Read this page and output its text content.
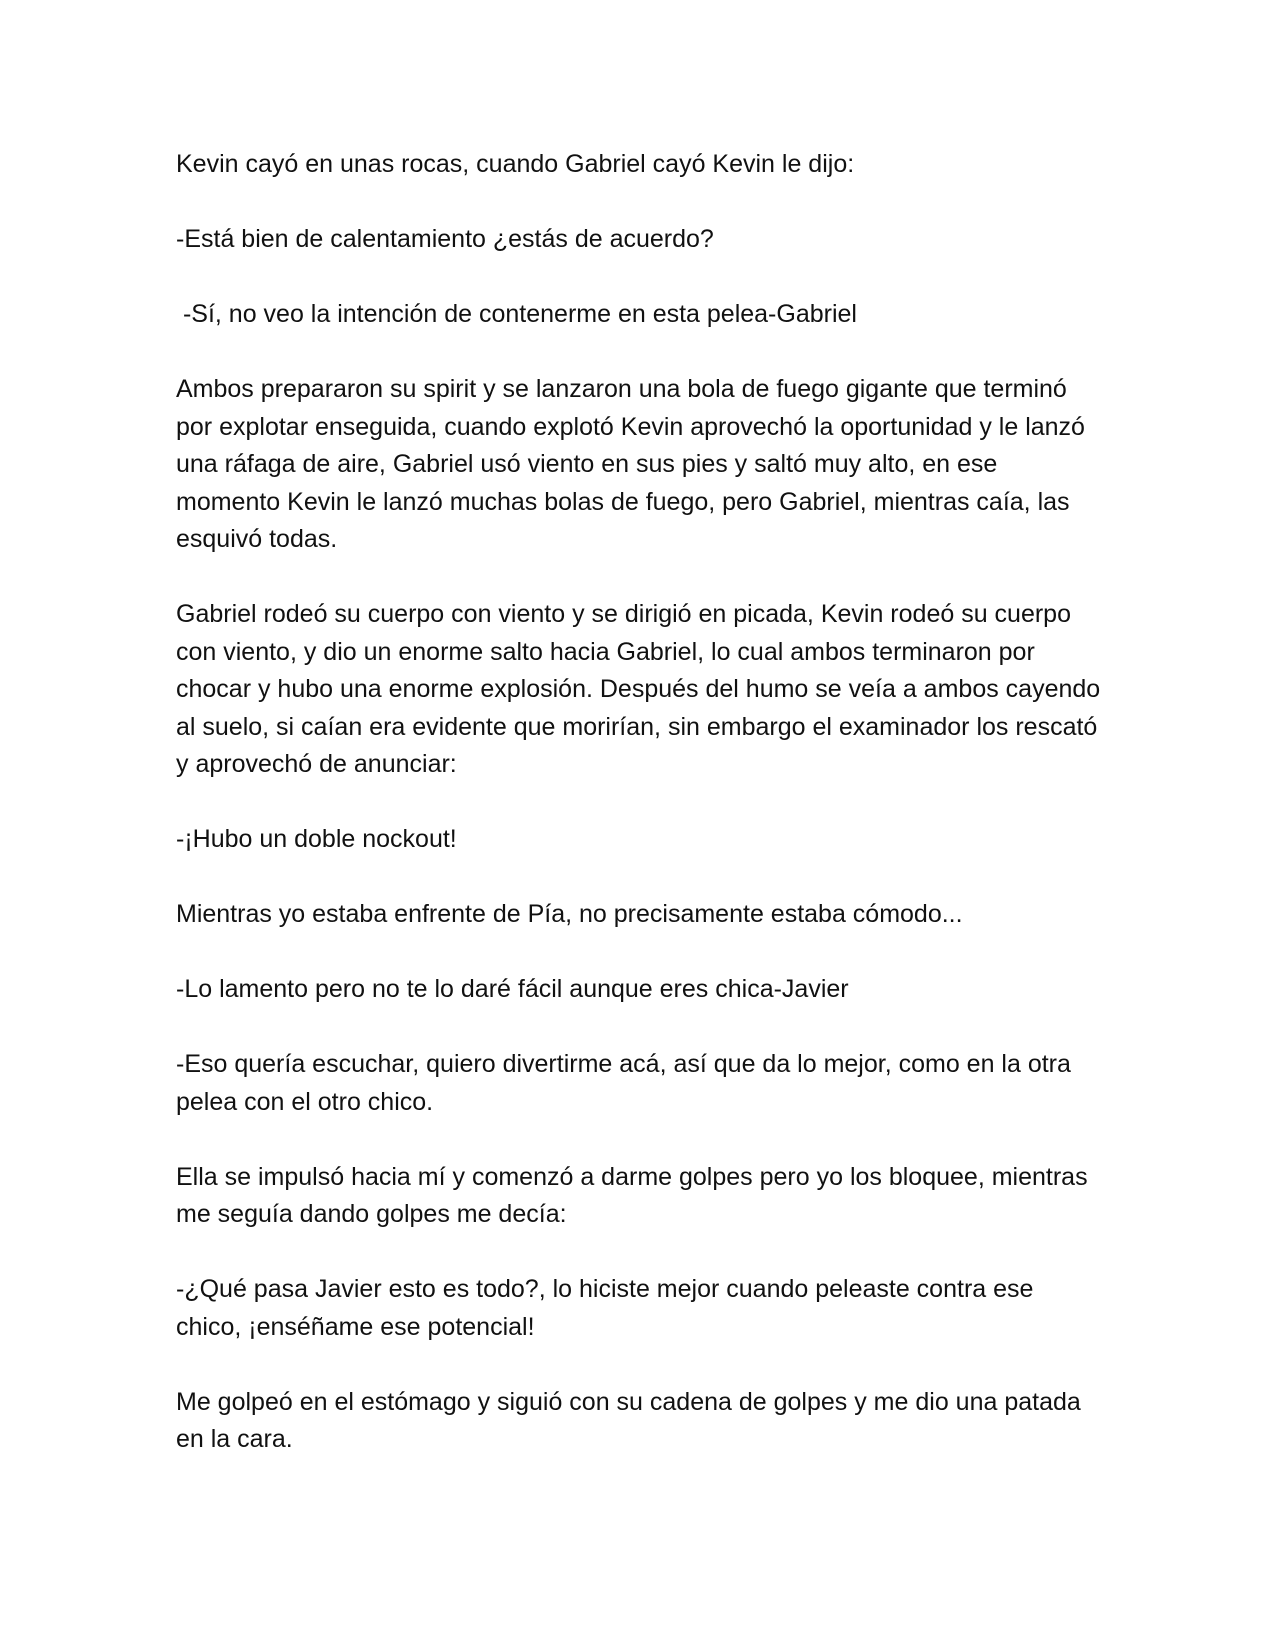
Kevin cayó en unas rocas, cuando Gabriel cayó Kevin le dijo:

-Está bien de calentamiento ¿estás de acuerdo?

-Sí, no veo la intención de contenerme en esta pelea-Gabriel

Ambos prepararon su spirit y se lanzaron una bola de fuego gigante que terminó por explotar enseguida, cuando explotó Kevin aprovechó la oportunidad y le lanzó una ráfaga de aire, Gabriel usó viento en sus pies y saltó muy alto, en ese momento Kevin le lanzó muchas bolas de fuego, pero Gabriel, mientras caía, las esquivó todas.

Gabriel rodeó su cuerpo con viento y se dirigió en picada, Kevin rodeó su cuerpo con viento, y dio un enorme salto hacia Gabriel, lo cual ambos terminaron por chocar y hubo una enorme explosión. Después del humo se veía a ambos cayendo al suelo, si caían era evidente que morirían, sin embargo el examinador los rescató y aprovechó de anunciar:

-¡Hubo un doble nockout!

Mientras yo estaba enfrente de Pía, no precisamente estaba cómodo...

-Lo lamento pero no te lo daré fácil aunque eres chica-Javier

-Eso quería escuchar, quiero divertirme acá, así que da lo mejor, como en la otra pelea con el otro chico.

Ella se impulsó hacia mí y comenzó a darme golpes pero yo los bloquee, mientras me seguía dando golpes me decía:

-¿Qué pasa Javier esto es todo?, lo hiciste mejor cuando peleaste contra ese chico, ¡enséñame ese potencial!

Me golpeó en el estómago y siguió con su cadena de golpes y me dio una patada en la cara.
